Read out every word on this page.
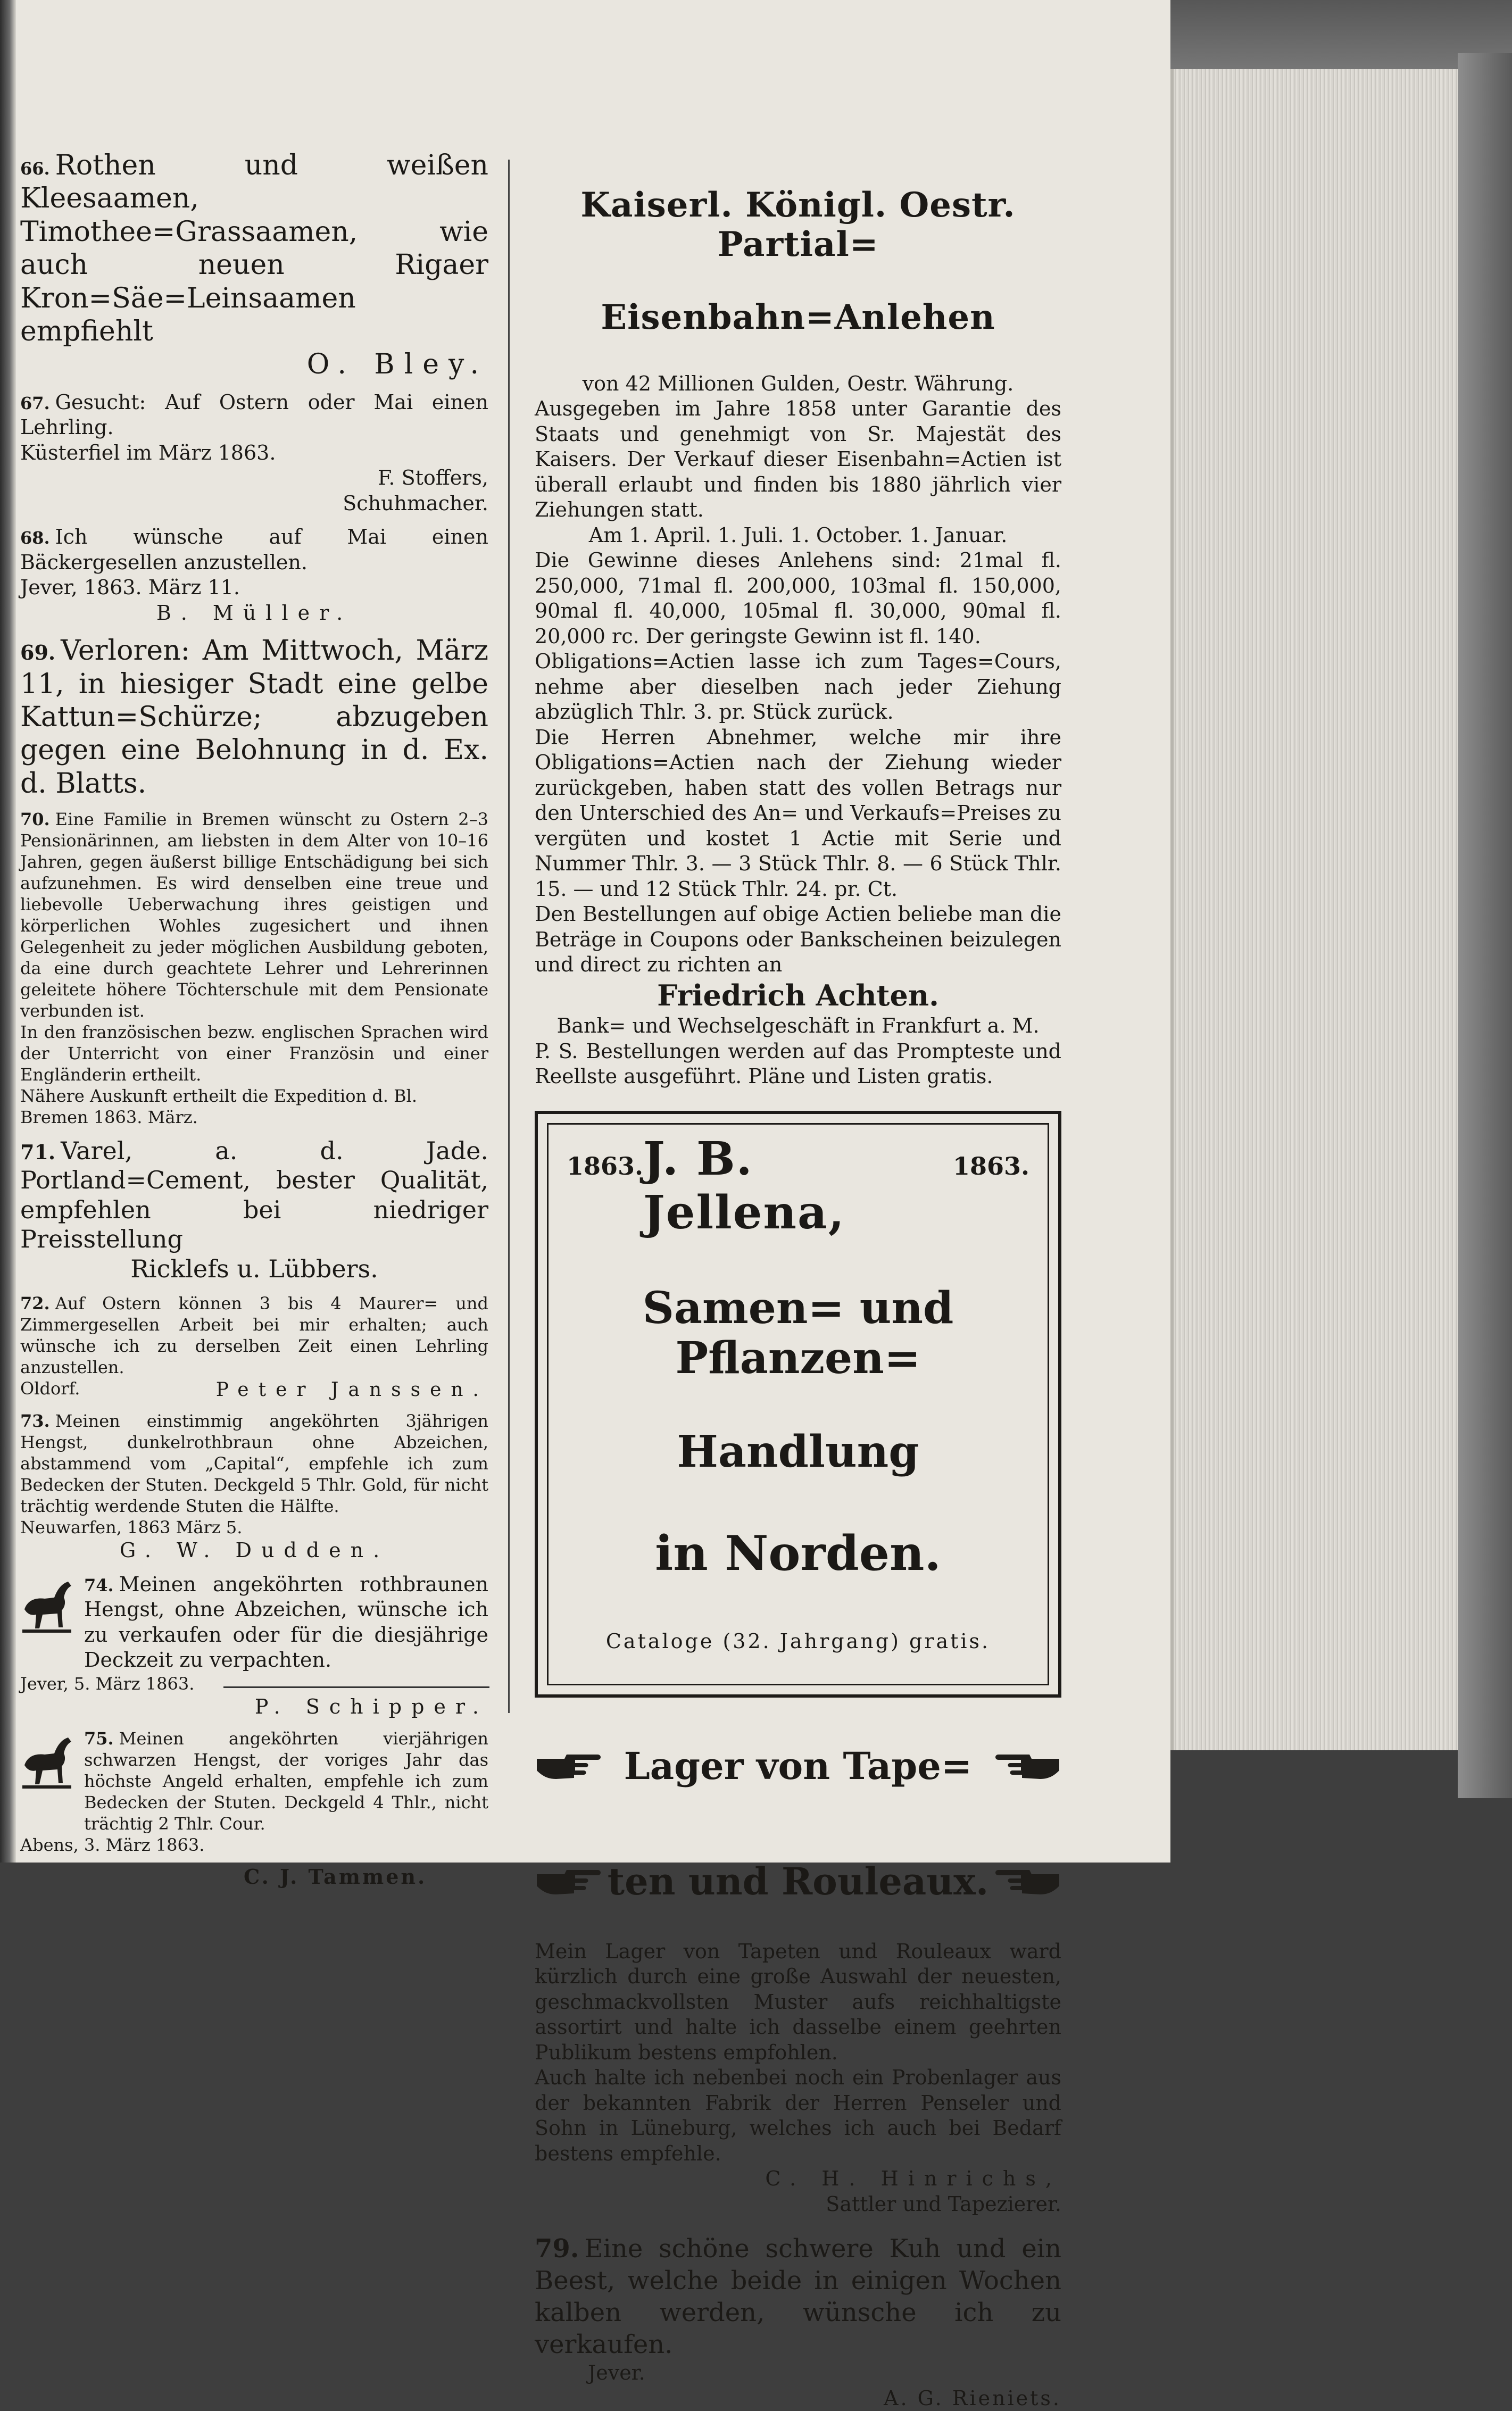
66. Rothen und weißen Kleesaamen, Timothee=Grassaamen, wie auch neuen Rigaer Kron=Säe=Leinsaamen empfiehlt

O. Bley.

67. Gesucht: Auf Ostern oder Mai einen Lehrling.

Küsterfiel im März 1863.

F. Stoffers,

Schuhmacher.

68. Ich wünsche auf Mai einen Bäckergesellen anzustellen.

Jever, 1863. März 11.

B. Müller.

69. Verloren: Am Mittwoch, März 11, in hiesiger Stadt eine gelbe Kattun=Schürze; abzugeben gegen eine Belohnung in d. Ex. d. Blatts.

70. Eine Familie in Bremen wünscht zu Ostern 2–3 Pensionärinnen, am liebsten in dem Alter von 10–16 Jahren, gegen äußerst billige Entschädigung bei sich aufzunehmen. Es wird denselben eine treue und liebevolle Ueberwachung ihres geistigen und körperlichen Wohles zugesichert und ihnen Gelegenheit zu jeder möglichen Ausbildung geboten, da eine durch geachtete Lehrer und Lehrerinnen geleitete höhere Töchterschule mit dem Pensionate verbunden ist.

In den französischen bezw. englischen Sprachen wird der Unterricht von einer Französin und einer Engländerin ertheilt.

Nähere Auskunft ertheilt die Expedition d. Bl.

Bremen 1863. März.

71. Varel, a. d. Jade. Portland=Cement, bester Qualität, empfehlen bei niedriger Preisstellung

Ricklefs u. Lübbers.

72. Auf Ostern können 3 bis 4 Maurer= und Zimmergesellen Arbeit bei mir erhalten; auch wünsche ich zu derselben Zeit einen Lehrling anzustellen.

Oldorf.	Peter Janssen.

73. Meinen einstimmig angeköhrten 3jährigen Hengst, dunkelrothbraun ohne Abzeichen, abstammend vom „Capital“, empfehle ich zum Bedecken der Stuten. Deckgeld 5 Thlr. Gold, für nicht trächtig werdende Stuten die Hälfte.

Neuwarfen, 1863 März 5.

G. W. Dudden.

74. Meinen angeköhrten rothbraunen Hengst, ohne Abzeichen, wünsche ich zu verkaufen oder für die diesjährige Deckzeit zu verpachten.

Jever, 5. März 1863.

P. Schipper.

75. Meinen angeköhrten vierjährigen schwarzen Hengst, der voriges Jahr das höchste Angeld erhalten, empfehle ich zum Bedecken der Stuten. Deckgeld 4 Thlr., nicht trächtig 2 Thlr. Cour.

Abens, 3. März 1863.

C. J. Tammen.

Kaiserl. Königl. Oestr. Partial=

Eisenbahn=Anlehen

von 42 Millionen Gulden, Oestr. Währung.

Ausgegeben im Jahre 1858 unter Garantie des Staats und genehmigt von Sr. Majestät des Kaisers. Der Verkauf dieser Eisenbahn=Actien ist überall erlaubt und finden bis 1880 jährlich vier Ziehungen statt.

Am 1. April. 1. Juli. 1. October. 1. Januar.

Die Gewinne dieses Anlehens sind: 21mal fl. 250,000, 71mal fl. 200,000, 103mal fl. 150,000, 90mal fl. 40,000, 105mal fl. 30,000, 90mal fl. 20,000 rc. Der geringste Gewinn ist fl. 140.

Obligations=Actien lasse ich zum Tages=Cours, nehme aber dieselben nach jeder Ziehung abzüglich Thlr. 3. pr. Stück zurück.

Die Herren Abnehmer, welche mir ihre Obligations=Actien nach der Ziehung wieder zurückgeben, haben statt des vollen Betrags nur den Unterschied des An= und Verkaufs=Preises zu vergüten und kostet 1 Actie mit Serie und Nummer Thlr. 3. — 3 Stück Thlr. 8. — 6 Stück Thlr. 15. — und 12 Stück Thlr. 24. pr. Ct.

Den Bestellungen auf obige Actien beliebe man die Beträge in Coupons oder Bankscheinen beizulegen und direct zu richten an

Friedrich Achten.

Bank= und Wechselgeschäft in Frankfurt a. M.

P. S. Bestellungen werden auf das Prompteste und Reellste ausgeführt. Pläne und Listen gratis.

1863. J. B. Jellena,
1863.

Samen= und Pflanzen=

Handlung

in Norden.

Cataloge (32. Jahrgang) gratis.

Lager von Tape=

ten und Rouleaux.

Mein Lager von Tapeten und Rouleaux ward kürzlich durch eine große Auswahl der neuesten, geschmackvollsten Muster aufs reichhaltigste assortirt und halte ich dasselbe einem geehrten Publikum bestens empfohlen.

Auch halte ich nebenbei noch ein Probenlager aus der bekannten Fabrik der Herren Penseler und Sohn in Lüneburg, welches ich auch bei Bedarf bestens empfehle.

C. H. Hinrichs,

Sattler und Tapezierer.

79. Eine schöne schwere Kuh und ein Beest, welche beide in einigen Wochen kalben werden, wünsche ich zu verkaufen.

Jever.

A. G. Rieniets.
